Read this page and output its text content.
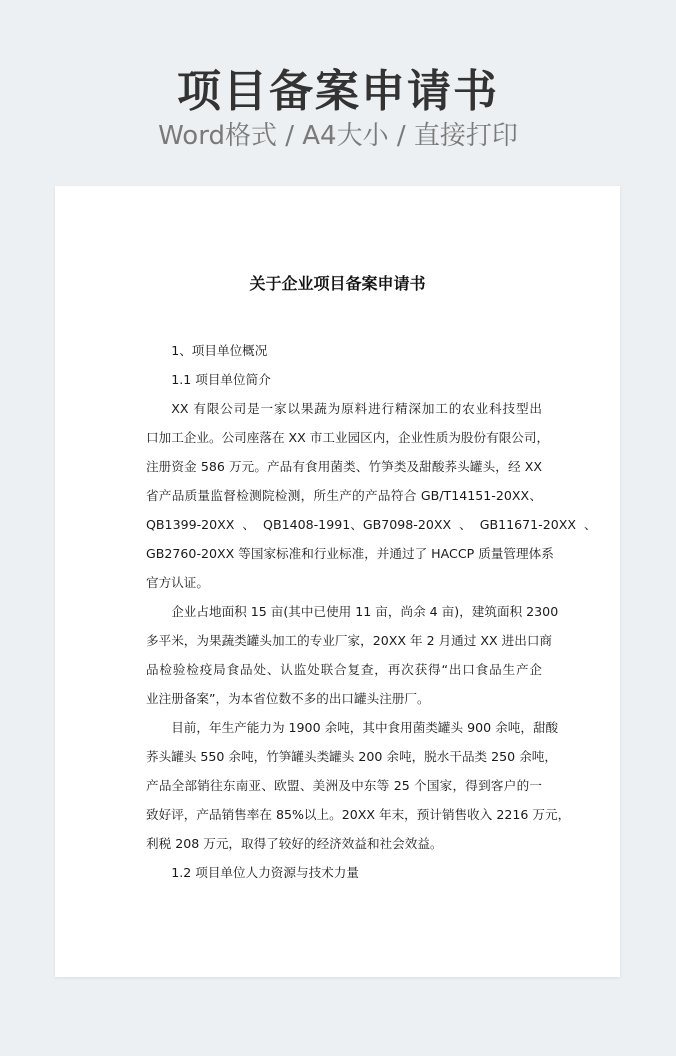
项目备案申请书
Word格式 / A4大小 / 直接打印
关于企业项目备案申请书
1、项目单位概况
1.1 项目单位简介
XX 有限公司是一家以果蔬为原料进行精深加工的农业科技型出
口加工企业。公司座落在 XX 市工业园区内，企业性质为股份有限公司，
注册资金 586 万元。产品有食用菌类、竹笋类及甜酸荞头罐头，经 XX
省产品质量监督检测院检测，所生产的产品符合 GB/T14151-20XX、
QB1399-20XX  、  QB1408-1991、GB7098-20XX  、  GB11671-20XX  、
GB2760-20XX 等国家标准和行业标准，并通过了 HACCP 质量管理体系
官方认证。
企业占地面积 15 亩(其中已使用 11 亩，尚余 4 亩)，建筑面积 2300
多平米，为果蔬类罐头加工的专业厂家，20XX 年 2 月通过 XX 进出口商
品检验检疫局食品处、认监处联合复查，再次获得“出口食品生产企
业注册备案”，为本省位数不多的出口罐头注册厂。
目前，年生产能力为 1900 余吨，其中食用菌类罐头 900 余吨，甜酸
荞头罐头 550 余吨，竹笋罐头类罐头 200 余吨，脱水干品类 250 余吨，
产品全部销往东南亚、欧盟、美洲及中东等 25 个国家，得到客户的一
致好评，产品销售率在 85%以上。20XX 年末，预计销售收入 2216 万元，
利税 208 万元，取得了较好的经济效益和社会效益。
1.2 项目单位人力资源与技术力量
